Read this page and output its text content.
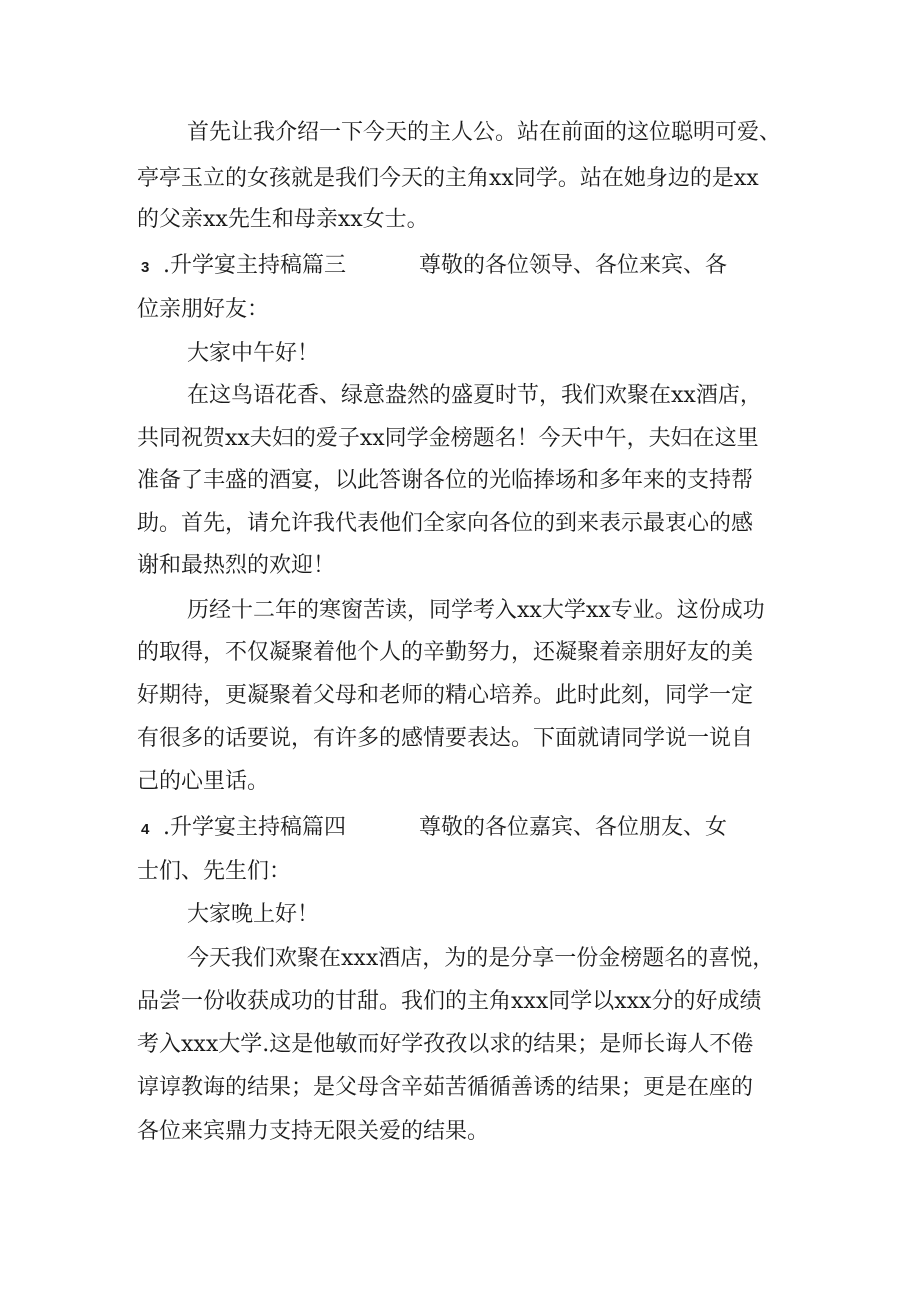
首先让我介绍一下今天的主人公。站在前面的这位聪明可爱、
亭亭玉立的女孩就是我们今天的主角xx同学。站在她身边的是xx
的父亲xx先生和母亲xx女士。
3 .升学宴主持稿篇三	尊敬的各位领导、各位来宾、各
位亲朋好友：
大家中午好！
在这鸟语花香、绿意盎然的盛夏时节，我们欢聚在xx酒店，
共同祝贺xx夫妇的爱子xx同学金榜题名！今天中午，夫妇在这里
准备了丰盛的酒宴，以此答谢各位的光临捧场和多年来的支持帮
助。首先，请允许我代表他们全家向各位的到来表示最衷心的感
谢和最热烈的欢迎！
历经十二年的寒窗苦读，同学考入xx大学xx专业。这份成功
的取得，不仅凝聚着他个人的辛勤努力，还凝聚着亲朋好友的美
好期待，更凝聚着父母和老师的精心培养。此时此刻，同学一定
有很多的话要说，有许多的感情要表达。下面就请同学说一说自
己的心里话。
4 .升学宴主持稿篇四	尊敬的各位嘉宾、各位朋友、女
士们、先生们：
大家晚上好！
今天我们欢聚在xxx酒店，为的是分享一份金榜题名的喜悦，
品尝一份收获成功的甘甜。我们的主角xxx同学以xxx分的好成绩
考入xxx大学.这是他敏而好学孜孜以求的结果；是师长诲人不倦
谆谆教诲的结果；是父母含辛茹苦循循善诱的结果；更是在座的
各位来宾鼎力支持无限关爱的结果。
